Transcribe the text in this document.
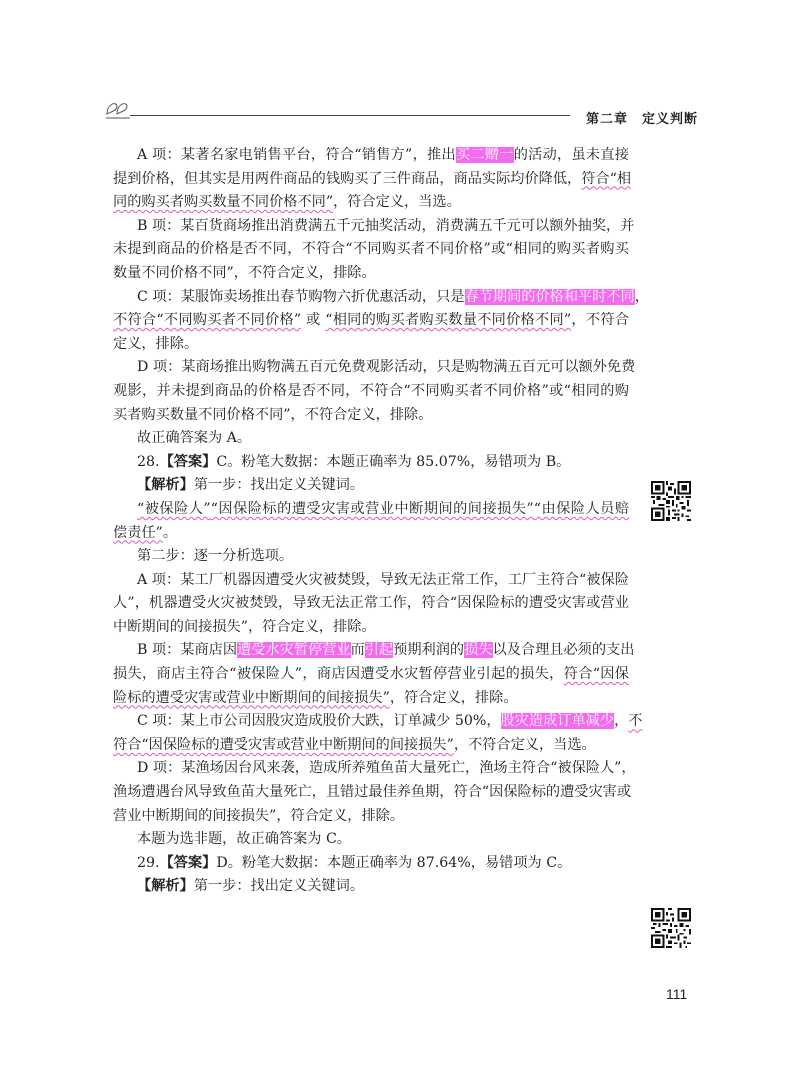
第二章 定义判断
A 项：某著名家电销售平台，符合“销售方”，推出买二赠一的活动，虽未直接
提到价格，但其实是用两件商品的钱购买了三件商品，商品实际均价降低，符合“相
同的购买者购买数量不同价格不同”，符合定义，当选。
B 项：某百货商场推出消费满五千元抽奖活动，消费满五千元可以额外抽奖，并
未提到商品的价格是否不同，不符合“不同购买者不同价格”或“相同的购买者购买
数量不同价格不同”，不符合定义，排除。
C 项：某服饰卖场推出春节购物六折优惠活动，只是春节期间的价格和平时不同，
不符合“不同购买者不同价格” 或 “相同的购买者购买数量不同价格不同”，不符合
定义，排除。
D 项：某商场推出购物满五百元免费观影活动，只是购物满五百元可以额外免费
观影，并未提到商品的价格是否不同，不符合“不同购买者不同价格”或“相同的购
买者购买数量不同价格不同”，不符合定义，排除。
故正确答案为 A。
28.【答案】C。粉笔大数据：本题正确率为 85.07%，易错项为 B。
【解析】第一步：找出定义关键词。
“被保险人”“因保险标的遭受灾害或营业中断期间的间接损失”“由保险人员赔
偿责任”。
第二步：逐一分析选项。
A 项：某工厂机器因遭受火灾被焚毁，导致无法正常工作，工厂主符合“被保险
人”，机器遭受火灾被焚毁，导致无法正常工作，符合“因保险标的遭受灾害或营业
中断期间的间接损失”，符合定义，排除。
B 项：某商店因遭受水灾暂停营业而引起预期利润的损失以及合理且必须的支出
损失，商店主符合“被保险人”，商店因遭受水灾暂停营业引起的损失，符合“因保
险标的遭受灾害或营业中断期间的间接损失”，符合定义，排除。
C 项：某上市公司因股灾造成股价大跌，订单减少 50%，股灾造成订单减少，不
符合“因保险标的遭受灾害或营业中断期间的间接损失”，不符合定义，当选。
D 项：某渔场因台风来袭，造成所养殖鱼苗大量死亡，渔场主符合“被保险人”，
渔场遭遇台风导致鱼苗大量死亡，且错过最佳养鱼期，符合“因保险标的遭受灾害或
营业中断期间的间接损失”，符合定义，排除。
本题为选非题，故正确答案为 C。
29.【答案】D。粉笔大数据：本题正确率为 87.64%，易错项为 C。
【解析】第一步：找出定义关键词。
111
